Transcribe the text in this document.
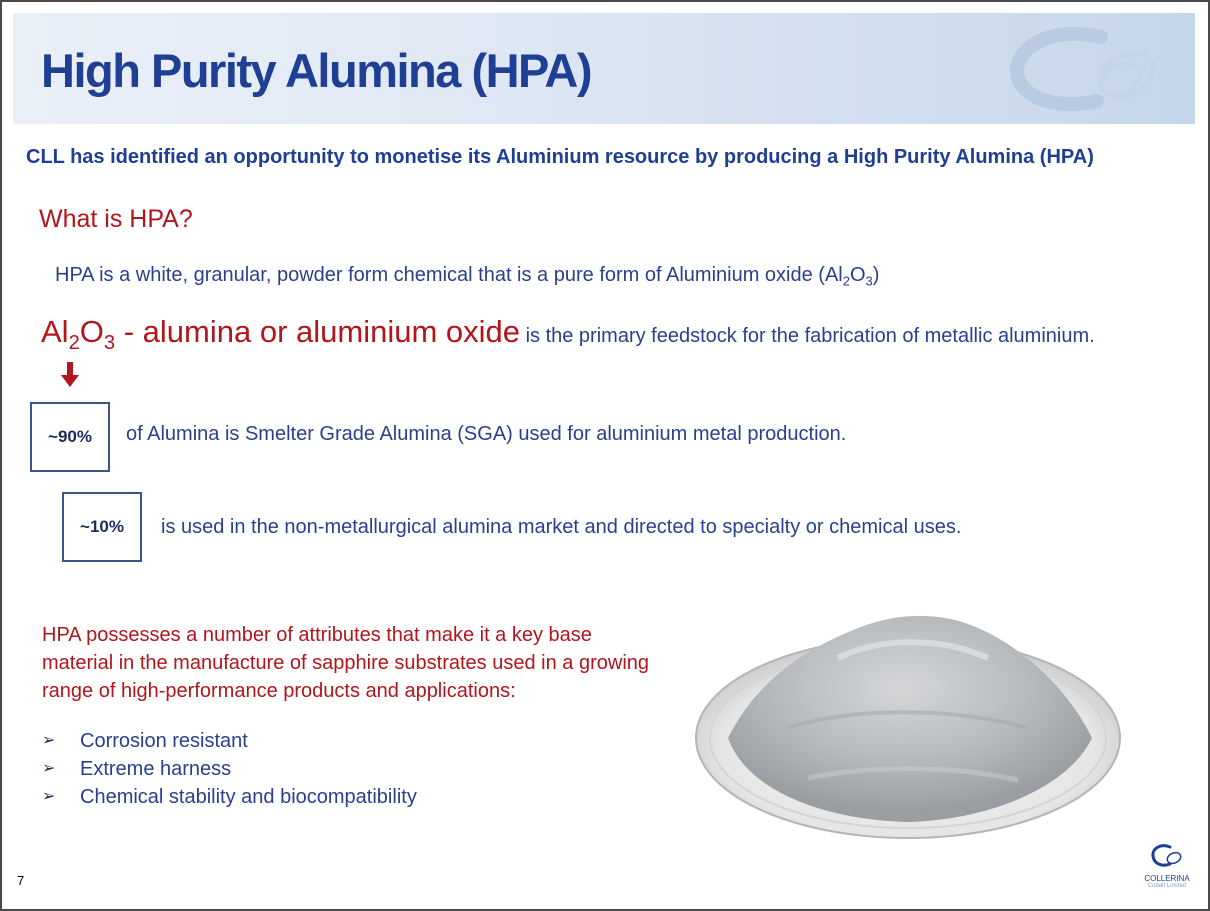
High Purity Alumina (HPA)
CLL has identified an opportunity to monetise its Aluminium resource by producing a High Purity Alumina (HPA)
What is HPA?
HPA is a white, granular, powder form chemical that is a pure form of Aluminium oxide $(Al_2O_3)$
$Al_2O_3$ - alumina or aluminium oxide is the primary feedstock for the fabrication of metallic aluminium.
~90%	of Alumina is Smelter Grade Alumina (SGA) used for aluminium metal production.
~10%	is used in the non-metallurgical alumina market and directed to specialty or chemical uses.
HPA possesses a number of attributes that make it a key base material in the manufacture of sapphire substrates used in a growing range of high-performance products and applications:
➢	Corrosion resistant
➢	Extreme harness
➢	Chemical stability and biocompatibility
7	COLLERINA
Cobalt Limited
